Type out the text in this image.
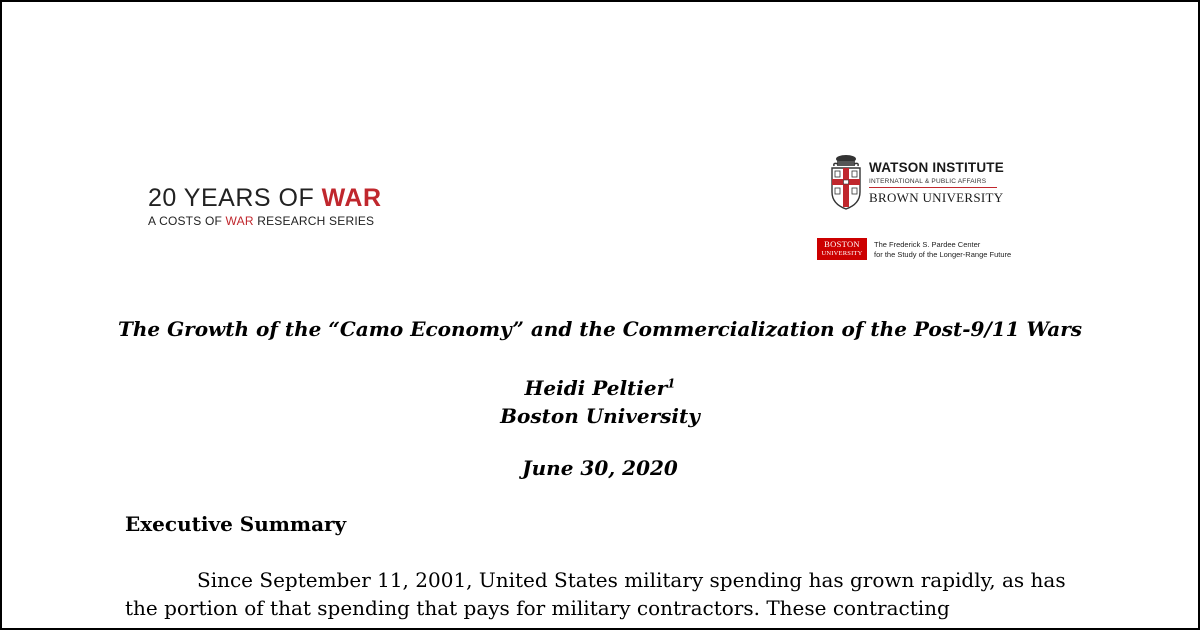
20 YEARS OF WAR
A COSTS OF WAR RESEARCH SERIES
WATSON INSTITUTE
INTERNATIONAL & PUBLIC AFFAIRS
BROWN UNIVERSITY
BOSTON
UNIVERSITY
The Frederick S. Pardee Center
for the Study of the Longer-Range Future
The Growth of the “Camo Economy” and the Commercialization of the Post-9/11 Wars
Heidi Peltier$^1$
Boston University
June 30, 2020
Executive Summary
Since September 11, 2001, United States military spending has grown rapidly, as has
the portion of that spending that pays for military contractors. These contracting
